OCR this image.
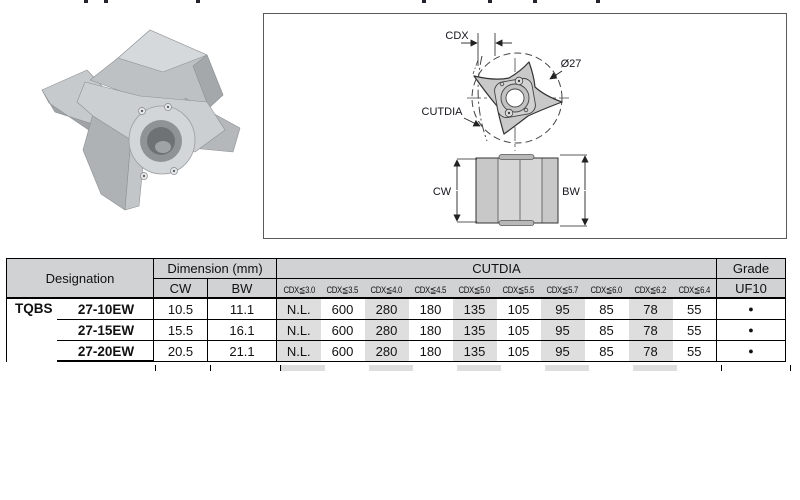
CDX
Ø27
CUTDIA
CW	BW
Designation	Dimension (mm)		CUTDIA										Grade
	CW	BW	CDX≦3.0	CDX≦3.5	CDX≦4.0	CDX≦4.5	CDX≦5.0	CDX≦5.5	CDX≦5.7	CDX≦6.0	CDX≦6.2	CDX≦6.4	UF10

TQBS 27-10EW	10.5	11.1	N.L.	600	280	180	135	105	95	85	78	55	●
27-15EW	15.5	16.1	N.L.	600	280	180	135	105	95	85	78	55	●
27-20EW	20.5	21.1	N.L.	600	280	180	135	105	95	85	78	55	●
